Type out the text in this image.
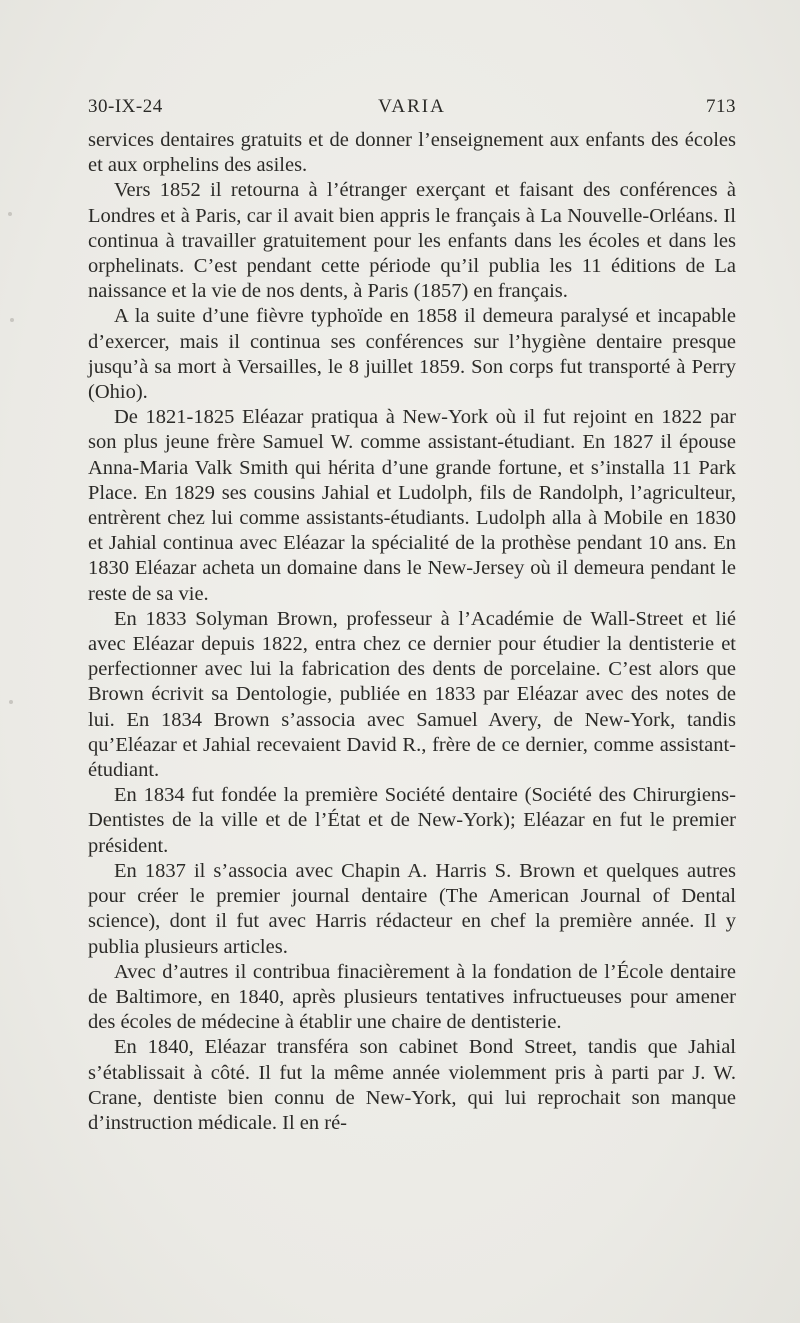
30-IX-24	VARIA	713

services dentaires gratuits et de donner l’enseignement aux enfants des écoles et aux orphelins des asiles.

Vers 1852 il retourna à l’étranger exerçant et faisant des conférences à Londres et à Paris, car il avait bien appris le français à La Nouvelle-Orléans. Il continua à travailler gratuitement pour les enfants dans les écoles et dans les orphelinats. C’est pendant cette période qu’il publia les 11 éditions de La naissance et la vie de nos dents, à Paris (1857) en français.

A la suite d’une fièvre typhoïde en 1858 il demeura paralysé et incapable d’exercer, mais il continua ses conférences sur l’hygiène dentaire presque jusqu’à sa mort à Versailles, le 8 juillet 1859. Son corps fut transporté à Perry (Ohio).

De 1821-1825 Eléazar pratiqua à New-York où il fut rejoint en 1822 par son plus jeune frère Samuel W. comme assistant-étudiant. En 1827 il épouse Anna-Maria Valk Smith qui hérita d’une grande fortune, et s’installa 11 Park Place. En 1829 ses cousins Jahial et Ludolph, fils de Randolph, l’agriculteur, entrèrent chez lui comme assistants-étudiants. Ludolph alla à Mobile en 1830 et Jahial continua avec Eléazar la spécialité de la prothèse pendant 10 ans. En 1830 Eléazar acheta un domaine dans le New-Jersey où il demeura pendant le reste de sa vie.

En 1833 Solyman Brown, professeur à l’Académie de Wall-Street et lié avec Eléazar depuis 1822, entra chez ce dernier pour étudier la dentisterie et perfectionner avec lui la fabrication des dents de porcelaine. C’est alors que Brown écrivit sa Dentologie, publiée en 1833 par Eléazar avec des notes de lui. En 1834 Brown s’associa avec Samuel Avery, de New-York, tandis qu’Eléazar et Jahial recevaient David R., frère de ce dernier, comme assistant-étudiant.

En 1834 fut fondée la première Société dentaire (Société des Chirurgiens-Dentistes de la ville et de l’État et de New-York); Eléazar en fut le premier président.

En 1837 il s’associa avec Chapin A. Harris S. Brown et quelques autres pour créer le premier journal dentaire (The American Journal of Dental science), dont il fut avec Harris rédacteur en chef la première année. Il y publia plusieurs articles.

Avec d’autres il contribua finacièrement à la fondation de l’École dentaire de Baltimore, en 1840, après plusieurs tentatives infructueuses pour amener des écoles de médecine à établir une chaire de dentisterie.

En 1840, Eléazar transféra son cabinet Bond Street, tandis que Jahial s’établissait à côté. Il fut la même année violemment pris à parti par J. W. Crane, dentiste bien connu de New-York, qui lui reprochait son manque d’instruction médicale. Il en ré-
